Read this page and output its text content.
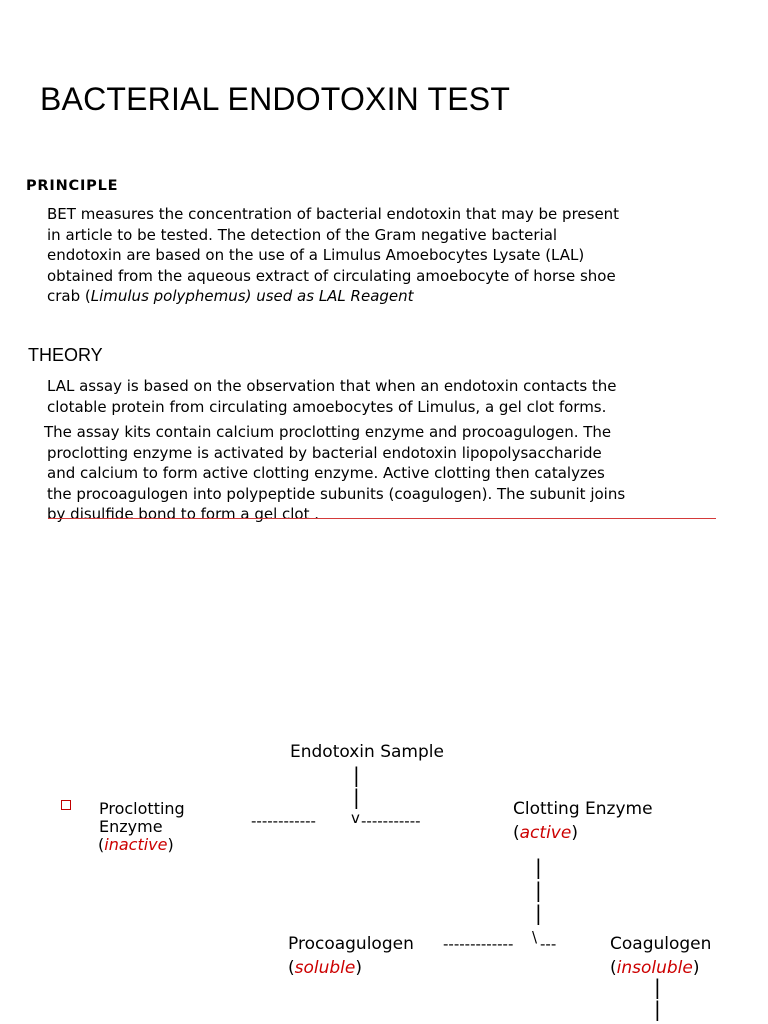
BACTERIAL ENDOTOXIN TEST
PRINCIPLE
BET measures the concentration of bacterial endotoxin that may be present
in article to be tested. The detection of the Gram negative bacterial
endotoxin are based on the use of a Limulus Amoebocytes Lysate (LAL)
obtained from the aqueous extract of circulating amoebocyte of horse shoe
crab (Limulus polyphemus) used as LAL Reagent
THEORY
LAL assay is based on the observation that when an endotoxin contacts the
clotable protein from circulating amoebocytes of Limulus, a gel clot forms.
The assay kits contain calcium proclotting enzyme and procoagulogen. The
proclotting enzyme is activated by bacterial endotoxin lipopolysaccharide
and calcium to form active clotting enzyme. Active clotting then catalyzes
the procoagulogen into polypeptide subunits (coagulogen). The subunit joins
by disulfide bond to form a gel clot .
Endotoxin Sample
|
|
------------ v -----------
Proclotting
Enzyme
(inactive)
Clotting Enzyme
(active)
|
|
|
Procoagulogen
(soluble)
------------- \ ---	Coagulogen
(insoluble)
|
|
